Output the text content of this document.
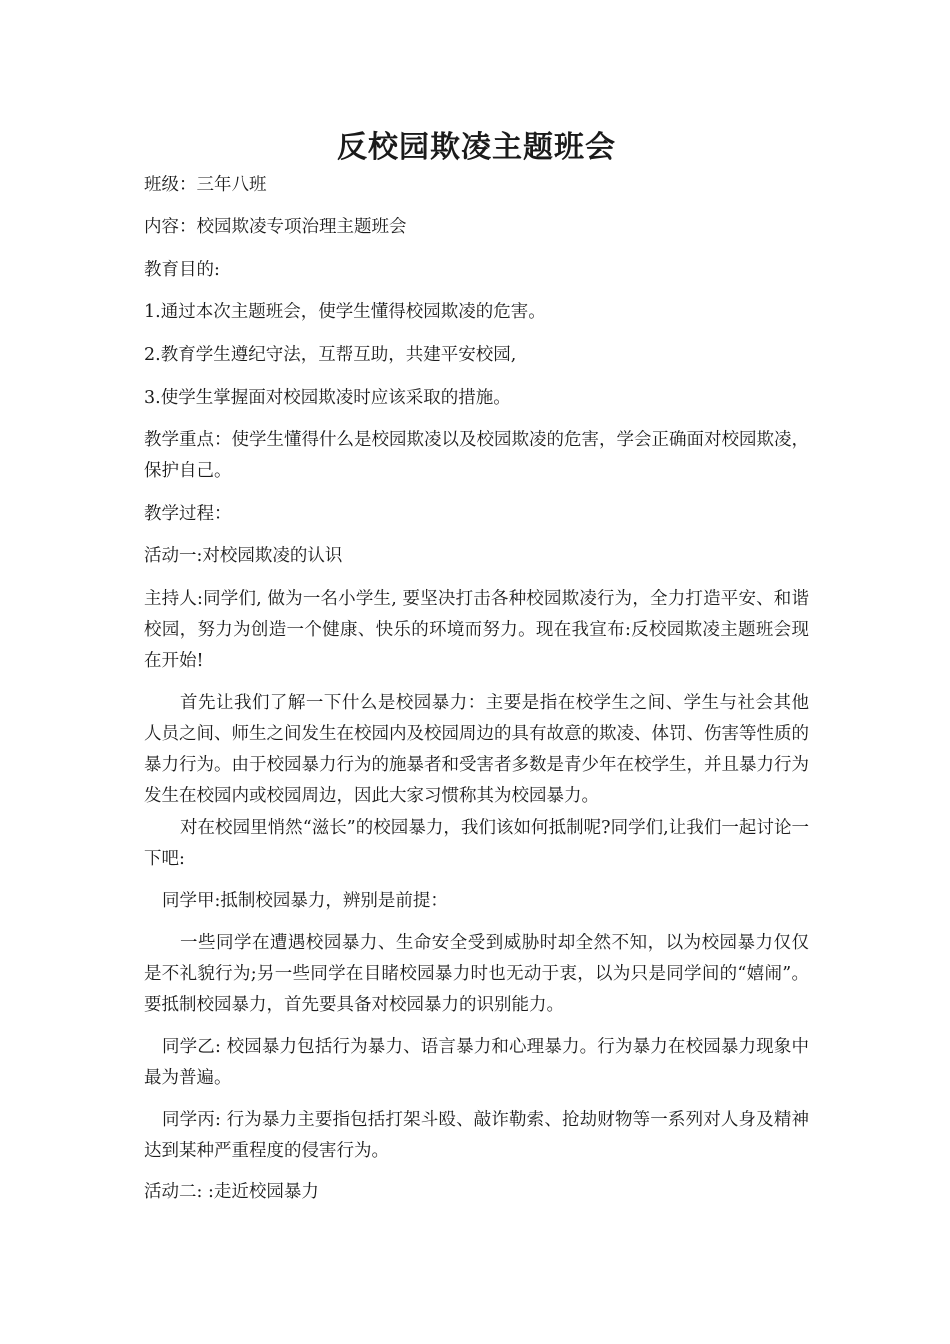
反校园欺凌主题班会

班级：三年八班

内容：校园欺凌专项治理主题班会

教育目的:

1.通过本次主题班会，使学生懂得校园欺凌的危害。

2.教育学生遵纪守法，互帮互助，共建平安校园,

3.使学生掌握面对校园欺凌时应该采取的措施。

教学重点：使学生懂得什么是校园欺凌以及校园欺凌的危害，学会正确面对校园欺凌，保护自己。

教学过程：

活动一:对校园欺凌的认识

主持人:同学们, 做为一名小学生, 要坚决打击各种校园欺凌行为，全力打造平安、和谐校园，努力为创造一个健康、快乐的环境而努力。现在我宣布:反校园欺凌主题班会现在开始!

首先让我们了解一下什么是校园暴力：主要是指在校学生之间、学生与社会其他人员之间、师生之间发生在校园内及校园周边的具有故意的欺凌、体罚、伤害等性质的暴力行为。由于校园暴力行为的施暴者和受害者多数是青少年在校学生，并且暴力行为发生在校园内或校园周边，因此大家习惯称其为校园暴力。

对在校园里悄然“滋长”的校园暴力，我们该如何抵制呢?同学们,让我们一起讨论一下吧:

同学甲:抵制校园暴力，辨别是前提：

一些同学在遭遇校园暴力、生命安全受到威胁时却全然不知，以为校园暴力仅仅是不礼貌行为;另一些同学在目睹校园暴力时也无动于衷，以为只是同学间的“嬉闹”。要抵制校园暴力，首先要具备对校园暴力的识别能力。

同学乙: 校园暴力包括行为暴力、语言暴力和心理暴力。行为暴力在校园暴力现象中最为普遍。

同学丙: 行为暴力主要指包括打架斗殴、敲诈勒索、抢劫财物等一系列对人身及精神达到某种严重程度的侵害行为。

活动二: :走近校园暴力
